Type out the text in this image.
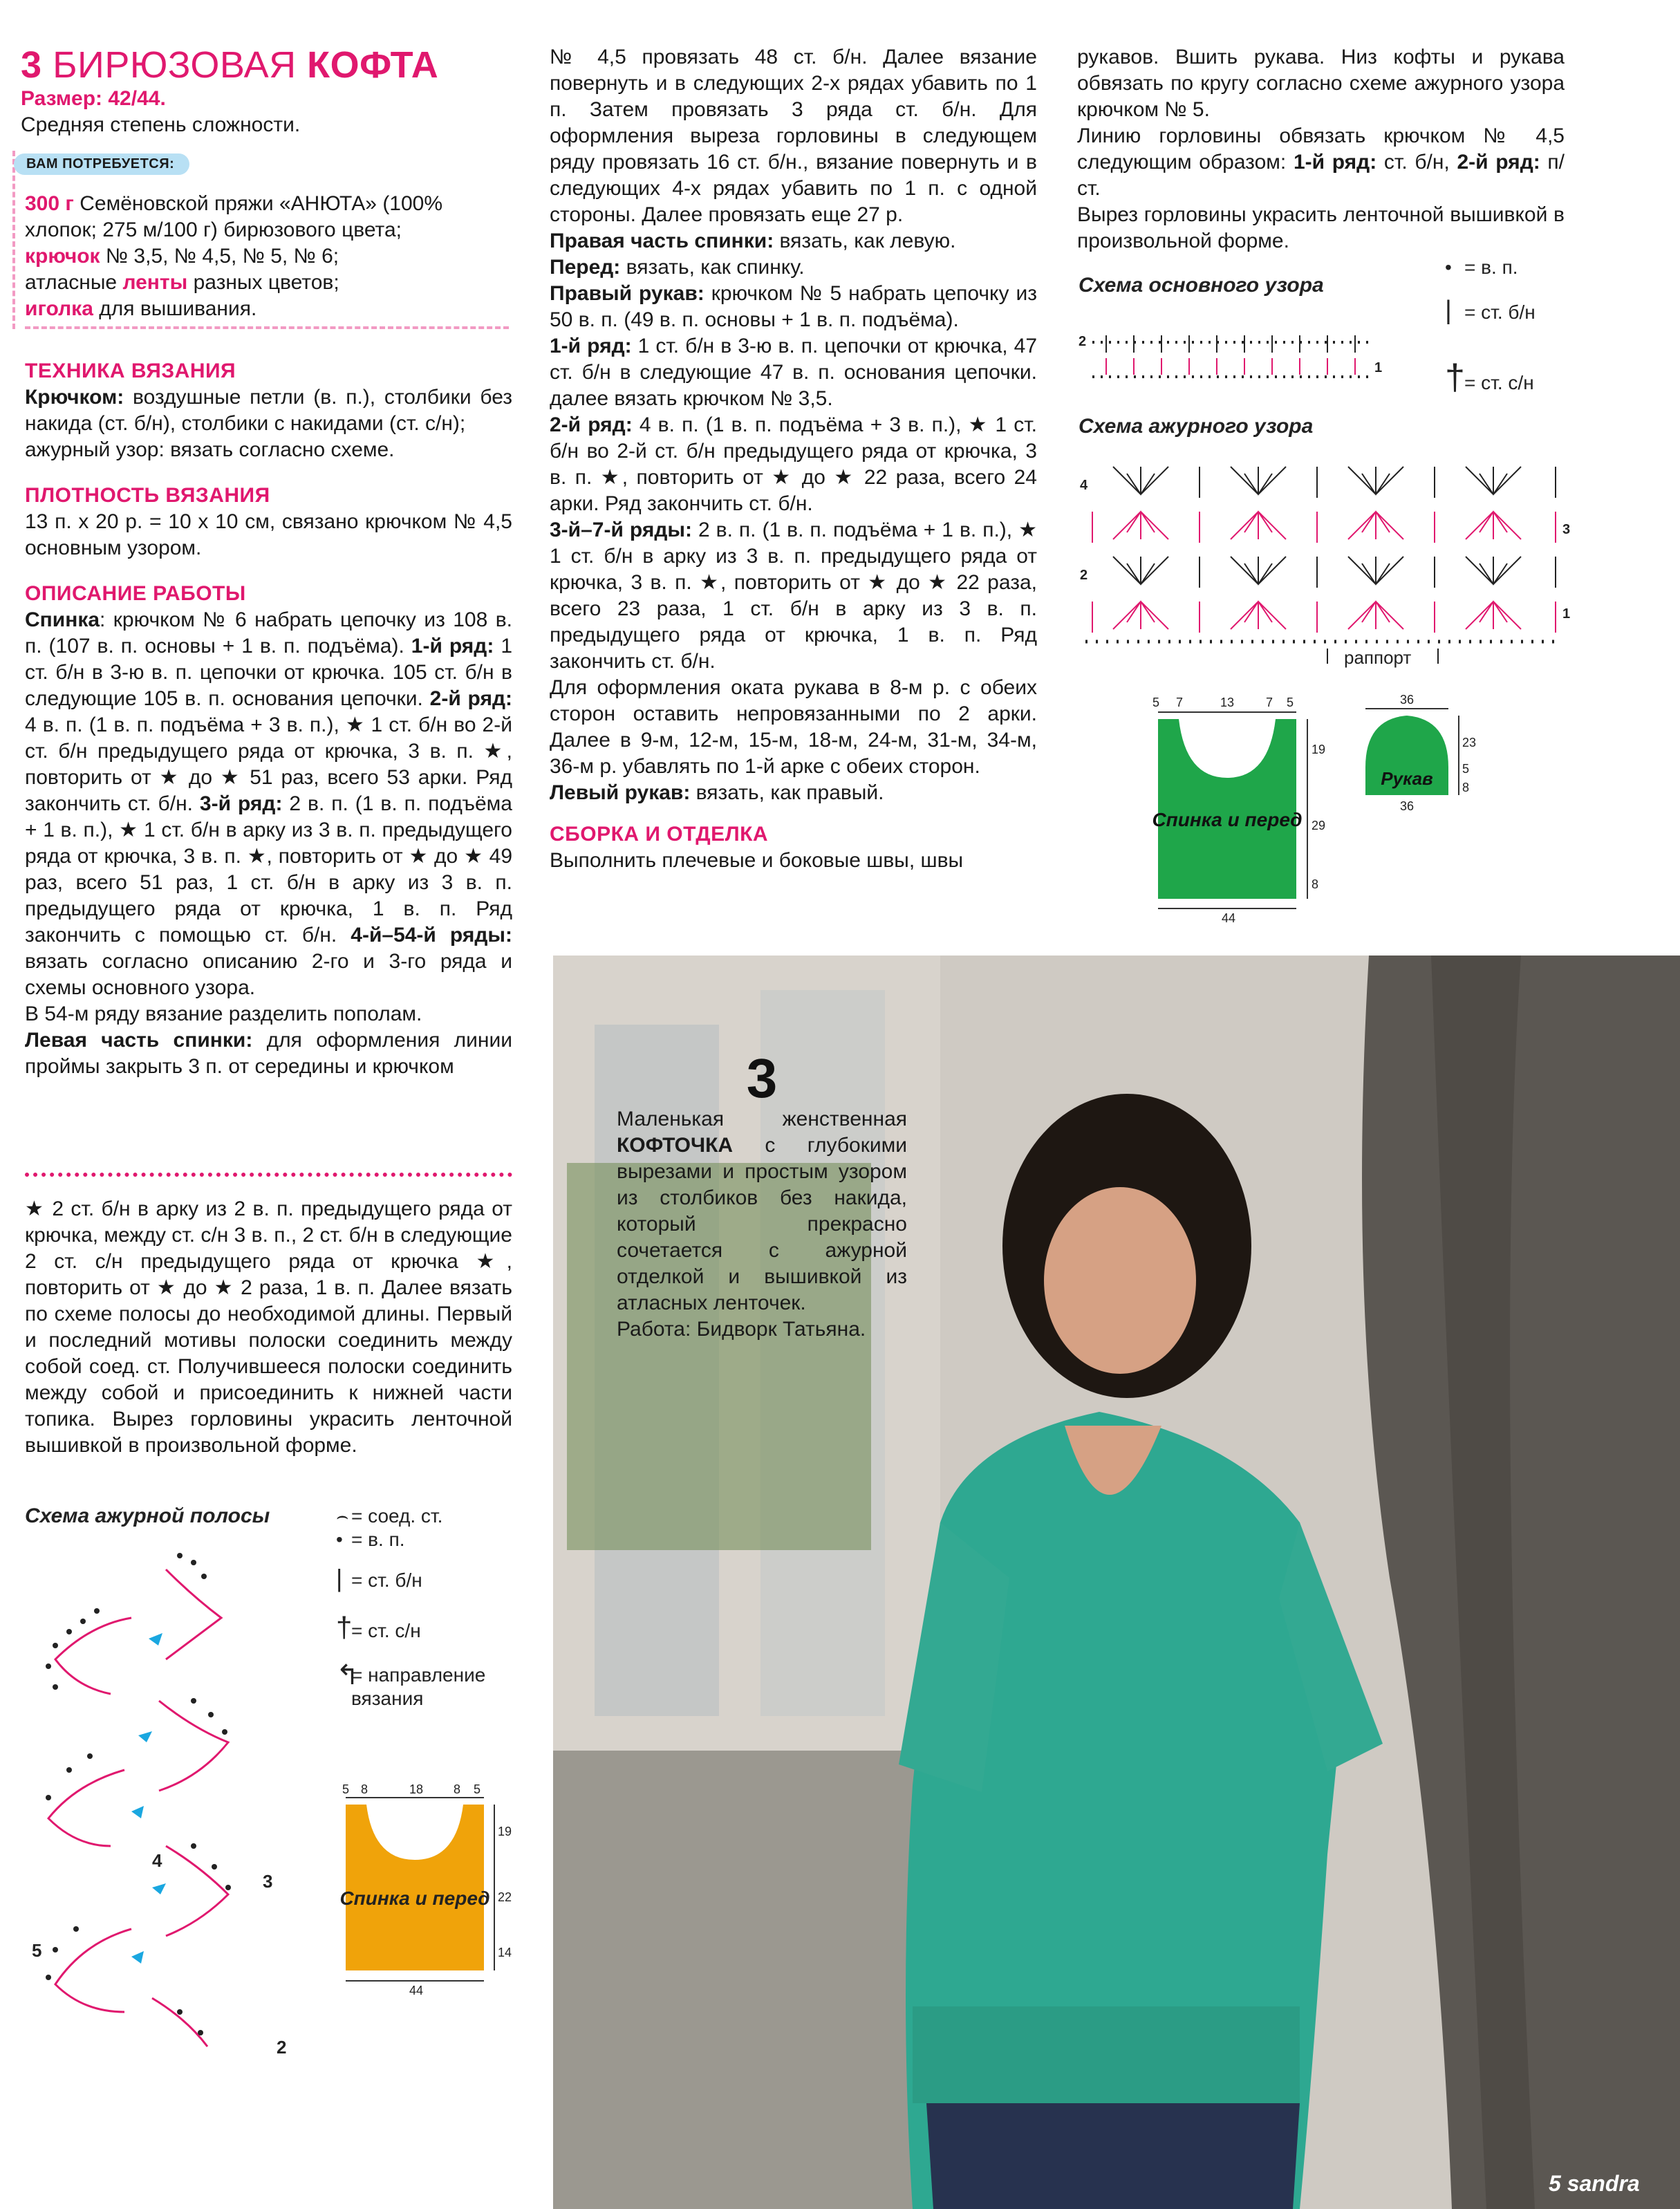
3 БИРЮЗОВАЯ КОФТА
Размер: 42/44.
Средняя степень сложности.
ВАМ ПОТРЕБУЕТСЯ:

300 г Семёновской пряжи «АНЮТА» (100%

хлопок; 275 м/100 г) бирюзового цвета;

крючок № 3,5, № 4,5, № 5, № 6;

атласные ленты разных цветов;

иголка для вышивания.

ТЕХНИКА ВЯЗАНИЯ

Крючком: воздушные петли (в. п.), столбики без накида (ст. б/н), столбики с накидами (ст. с/н);

ажурный узор: вязать согласно схеме.

ПЛОТНОСТЬ ВЯЗАНИЯ

13 п. х 20 р. = 10 х 10 см, связано крючком № 4,5 основным узором.

ОПИСАНИЕ РАБОТЫ

Спинка: крючком № 6 набрать цепочку из 108 в. п. (107 в. п. основы + 1 в. п. подъёма). 1-й ряд: 1 ст. б/н в 3-ю в. п. цепочки от крючка. 105 ст. б/н в следующие 105 в. п. основания цепочки. 2-й ряд: 4 в. п. (1 в. п. подъёма + 3 в. п.), ★ 1 ст. б/н во 2-й ст. б/н предыдущего ряда от крючка, 3 в. п. ★, повторить от ★ до ★ 51 раз, всего 53 арки. Ряд закончить ст. б/н. 3-й ряд: 2 в. п. (1 в. п. подъёма + 1 в. п.), ★ 1 ст. б/н в арку из 3 в. п. предыдущего ряда от крючка, 3 в. п. ★, повторить от ★ до ★ 49 раз, всего 51 раз, 1 ст. б/н в арку из 3 в. п. предыдущего ряда от крючка, 1 в. п. Ряд закончить с помощью ст. б/н. 4-й–54-й ряды: вязать согласно описанию 2-го и 3-го ряда и схемы основного узора.

В 54-м ряду вязание разделить пополам.

Левая часть спинки: для оформления линии проймы закрыть 3 п. от середины и крючком

★ 2 ст. б/н в арку из 2 в. п. предыдущего ряда от крючка, между ст. с/н 3 в. п., 2 ст. б/н в следующие 2 ст. с/н предыдущего ряда от крючка ★, повторить от ★ до ★ 2 раза, 1 в. п. Далее вязать по схеме полосы до необходимой длины. Первый и последний мотивы полоски соединить между собой соед. ст. Получившееся полоски соединить между собой и присоединить к нижней части топика. Вырез горловины украсить ленточной вышивкой в произвольной форме.

Схема ажурной полосы
2
3
4
5
⌢ = соед. ст.
• = в. п.
| = ст. б/н
†= ст. с/н
↰
= направление вязания
5 8	18 8 5
19
22
14
44
Спинка и перед

№ 4,5 провязать 48 ст. б/н. Далее вязание повернуть и в следующих 2-х рядах убавить по 1 п. Затем провязать 3 ряда ст. б/н. Для оформления выреза горловины в следующем ряду провязать 16 ст. б/н., вязание повернуть и в следующих 4-х рядах убавить по 1 п. с одной стороны. Далее провязать еще 27 р.

Правая часть спинки: вязать, как левую.

Перед: вязать, как спинку.

Правый рукав: крючком № 5 набрать цепочку из 50 в. п. (49 в. п. основы + 1 в. п. подъёма).

1-й ряд: 1 ст. б/н в 3-ю в. п. цепочки от крючка, 47 ст. б/н в следующие 47 в. п. основания цепочки. далее вязать крючком № 3,5.

2-й ряд: 4 в. п. (1 в. п. подъёма + 3 в. п.), ★ 1 ст. б/н во 2-й ст. б/н предыдущего ряда от крючка, 3 в. п. ★, повторить от ★ до ★ 22 раза, всего 24 арки. Ряд закончить ст. б/н.

3-й–7-й ряды: 2 в. п. (1 в. п. подъёма + 1 в. п.), ★ 1 ст. б/н в арку из 3 в. п. предыдущего ряда от крючка, 3 в. п. ★, повторить от ★ до ★ 22 раза, всего 23 раза, 1 ст. б/н в арку из 3 в. п. предыдущего ряда от крючка, 1 в. п. Ряд закончить ст. б/н.

Для оформления оката рукава в 8-м р. с обеих сторон оставить непровязанными по 2 арки. Далее в 9-м, 12-м, 15-м, 18-м, 24-м, 31-м, 34-м, 36-м р. убавлять по 1-й арке с обеих сторон.

Левый рукав: вязать, как правый.

СБОРКА И ОТДЕЛКА

Выполнить плечевые и боковые швы, швы

рукавов. Вшить рукава. Низ кофты и рукава обвязать по кругу согласно схеме ажурного узора крючком № 5.

Линию горловины обвязать крючком № 4,5 следующим образом: 1-й ряд: ст. б/н, 2-й ряд: п/ст.

Вырез горловины украсить ленточной вышивкой в произвольной форме.

Схема основного узора
• = в. п.
| = ст. б/н
†= ст. с/н
2
1
Схема ажурного узора
4
3
2
1
раппорт
5 7	13	7 5
19
29
8
44
Спинка и перед
36
Рукав
23
5
8
36
3

Маленькая женственная КОФТОЧКА с глубокими вырезами и простым узором из столбиков без накида, который прекрасно сочетается с ажурной отделкой и вышивкой из атласных ленточек.

Работа: Бидворк Татьяна.

5 sandra
